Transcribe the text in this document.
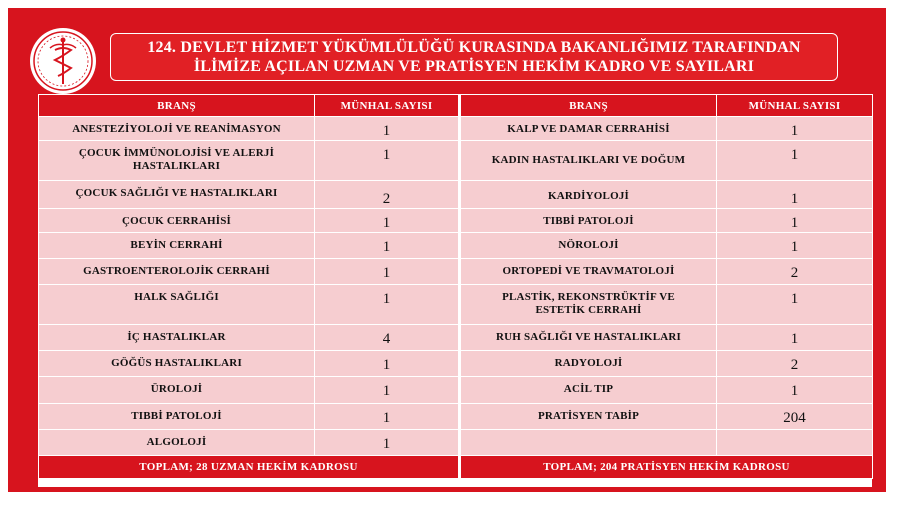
124. DEVLET HİZMET YÜKÜMLÜLÜĞÜ KURASINDA BAKANLIĞIMIZ TARAFINDAN
İLİMİZE AÇILAN UZMAN VE PRATİSYEN HEKİM KADRO VE SAYILARI
BRANŞ	MÜNHAL SAYISI
ANESTEZİYOLOJİ VE REANİMASYON	1
ÇOCUK İMMÜNOLOJİSİ VE ALERJİ HASTALIKLARI	1
ÇOCUK SAĞLIĞI VE HASTALIKLARI	2
ÇOCUK CERRAHİSİ	1
BEYİN CERRAHİ	1
GASTROENTEROLOJİK CERRAHİ	1
HALK SAĞLIĞI	1
İÇ HASTALIKLAR	4
GÖĞÜS HASTALIKLARI	1
ÜROLOJİ	1
TIBBİ PATOLOJİ	1
ALGOLOJİ	1
TOPLAM; 28 UZMAN HEKİM KADROSU	
BRANŞ	MÜNHAL SAYISI
KALP VE DAMAR CERRAHİSİ	1
KADIN HASTALIKLARI VE DOĞUM	1
KARDİYOLOJİ	1
TIBBİ PATOLOJİ	1
NÖROLOJİ	1
ORTOPEDİ VE TRAVMATOLOJİ	2
PLASTİK, REKONSTRÜKTİF VE ESTETİK CERRAHİ	1
RUH SAĞLIĞI VE HASTALIKLARI	1
RADYOLOJİ	2
ACİL TIP	1
PRATİSYEN TABİP	204

TOPLAM; 204 PRATİSYEN HEKİM KADROSU	
